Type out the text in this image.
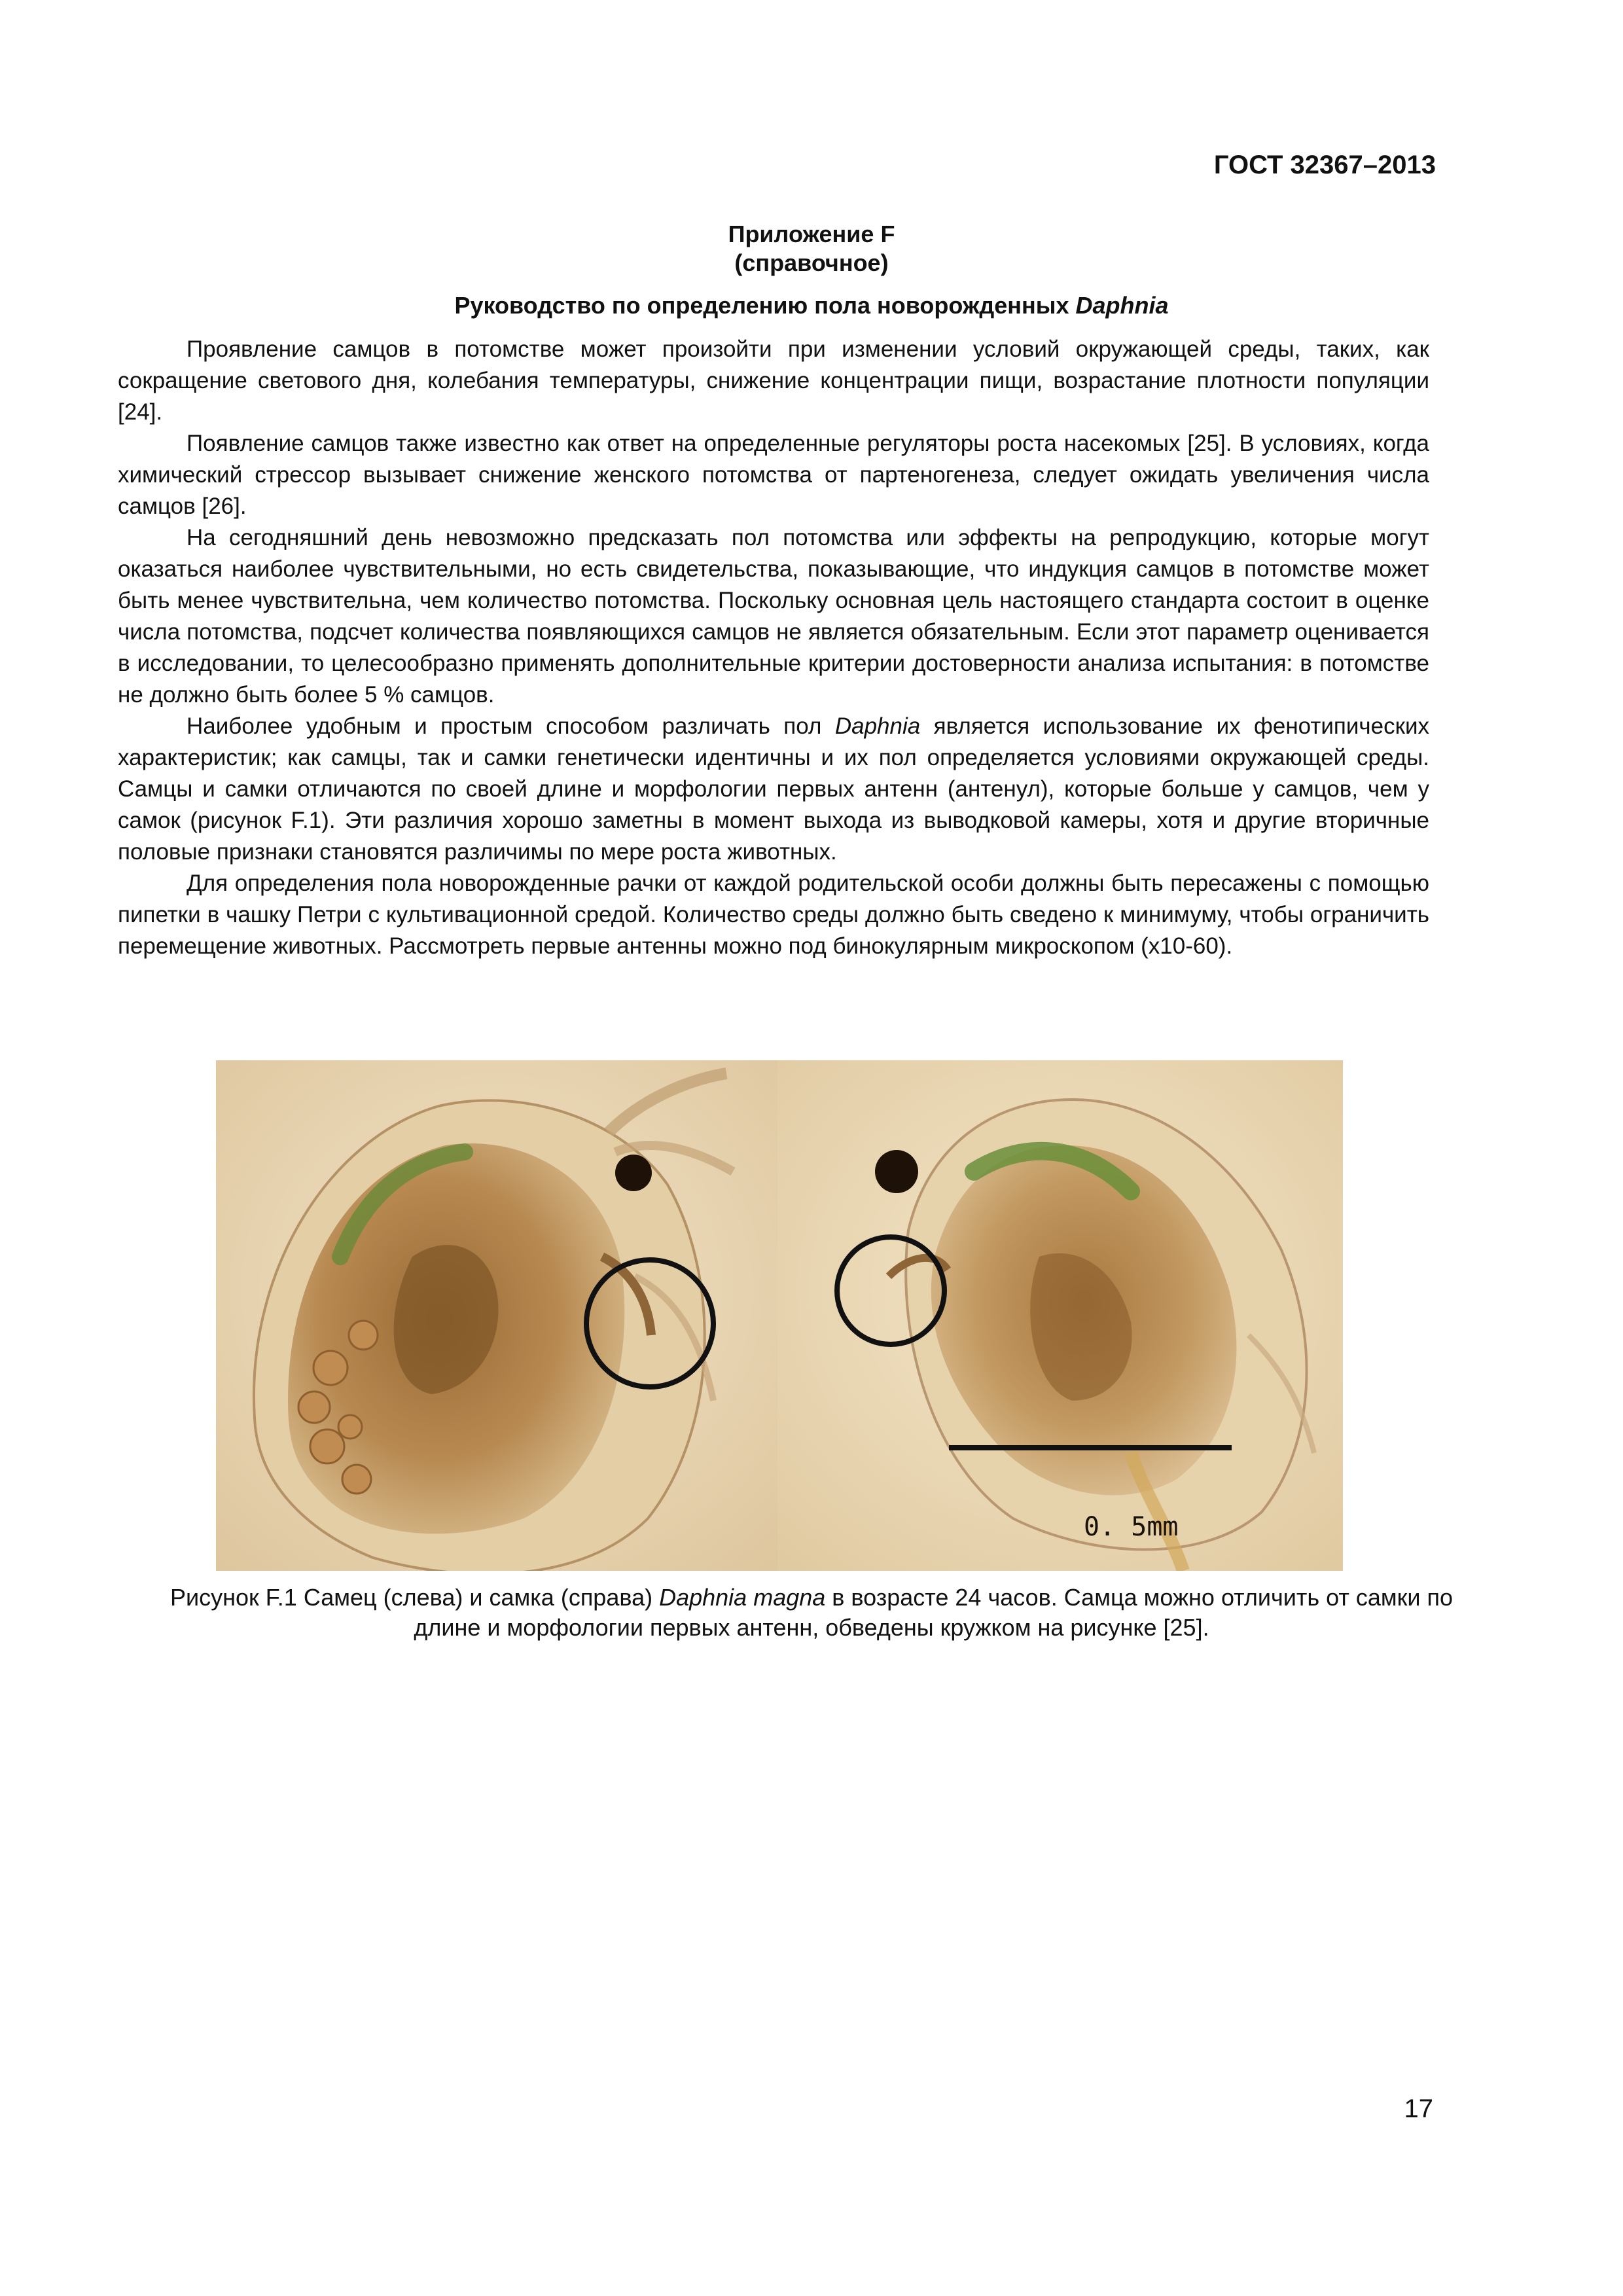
ГОСТ 32367–2013
Приложение F
(справочное)
Руководство по определению пола новорожденных Daphnia

Проявление самцов в потомстве может произойти при изменении условий окружающей среды, таких, как сокращение светового дня, колебания температуры, снижение концентрации пищи, возрастание плотности популяции [24].

Появление самцов также известно как ответ на определенные регуляторы роста насекомых [25]. В условиях, когда химический стрессор вызывает снижение женского потомства от партеногенеза, следует ожидать увеличения числа самцов [26].

На сегодняшний день невозможно предсказать пол потомства или эффекты на репродукцию, которые могут оказаться наиболее чувствительными, но есть свидетельства, показывающие, что индукция самцов в потомстве может быть менее чувствительна, чем количество потомства. Поскольку основная цель настоящего стандарта состоит в оценке числа потомства, подсчет количества появляющихся самцов не является обязательным. Если этот параметр оценивается в исследовании, то целесообразно применять дополнительные критерии достоверности анализа испытания: в потомстве не должно быть более 5 % самцов.

Наиболее удобным и простым способом различать пол Daphnia является использование их фенотипических характеристик; как самцы, так и самки генетически идентичны и их пол определяется условиями окружающей среды. Самцы и самки отличаются по своей длине и морфологии первых антенн (антенул), которые больше у самцов, чем у самок (рисунок F.1). Эти различия хорошо заметны в момент выхода из выводковой камеры, хотя и другие вторичные половые признаки становятся различимы по мере роста животных.

Для определения пола новорожденные рачки от каждой родительской особи должны быть пересажены с помощью пипетки в чашку Петри с культивационной средой. Количество среды должно быть сведено к минимуму, чтобы ограничить перемещение животных. Рассмотреть первые антенны можно под бинокулярным микроскопом (x10-60).

0. 5mm
Рисунок F.1 Самец (слева) и самка (справа) Daphnia magna в возрасте 24 часов. Самца можно отличить от самки по длине и морфологии первых антенн, обведены кружком на рисунке [25].
17
